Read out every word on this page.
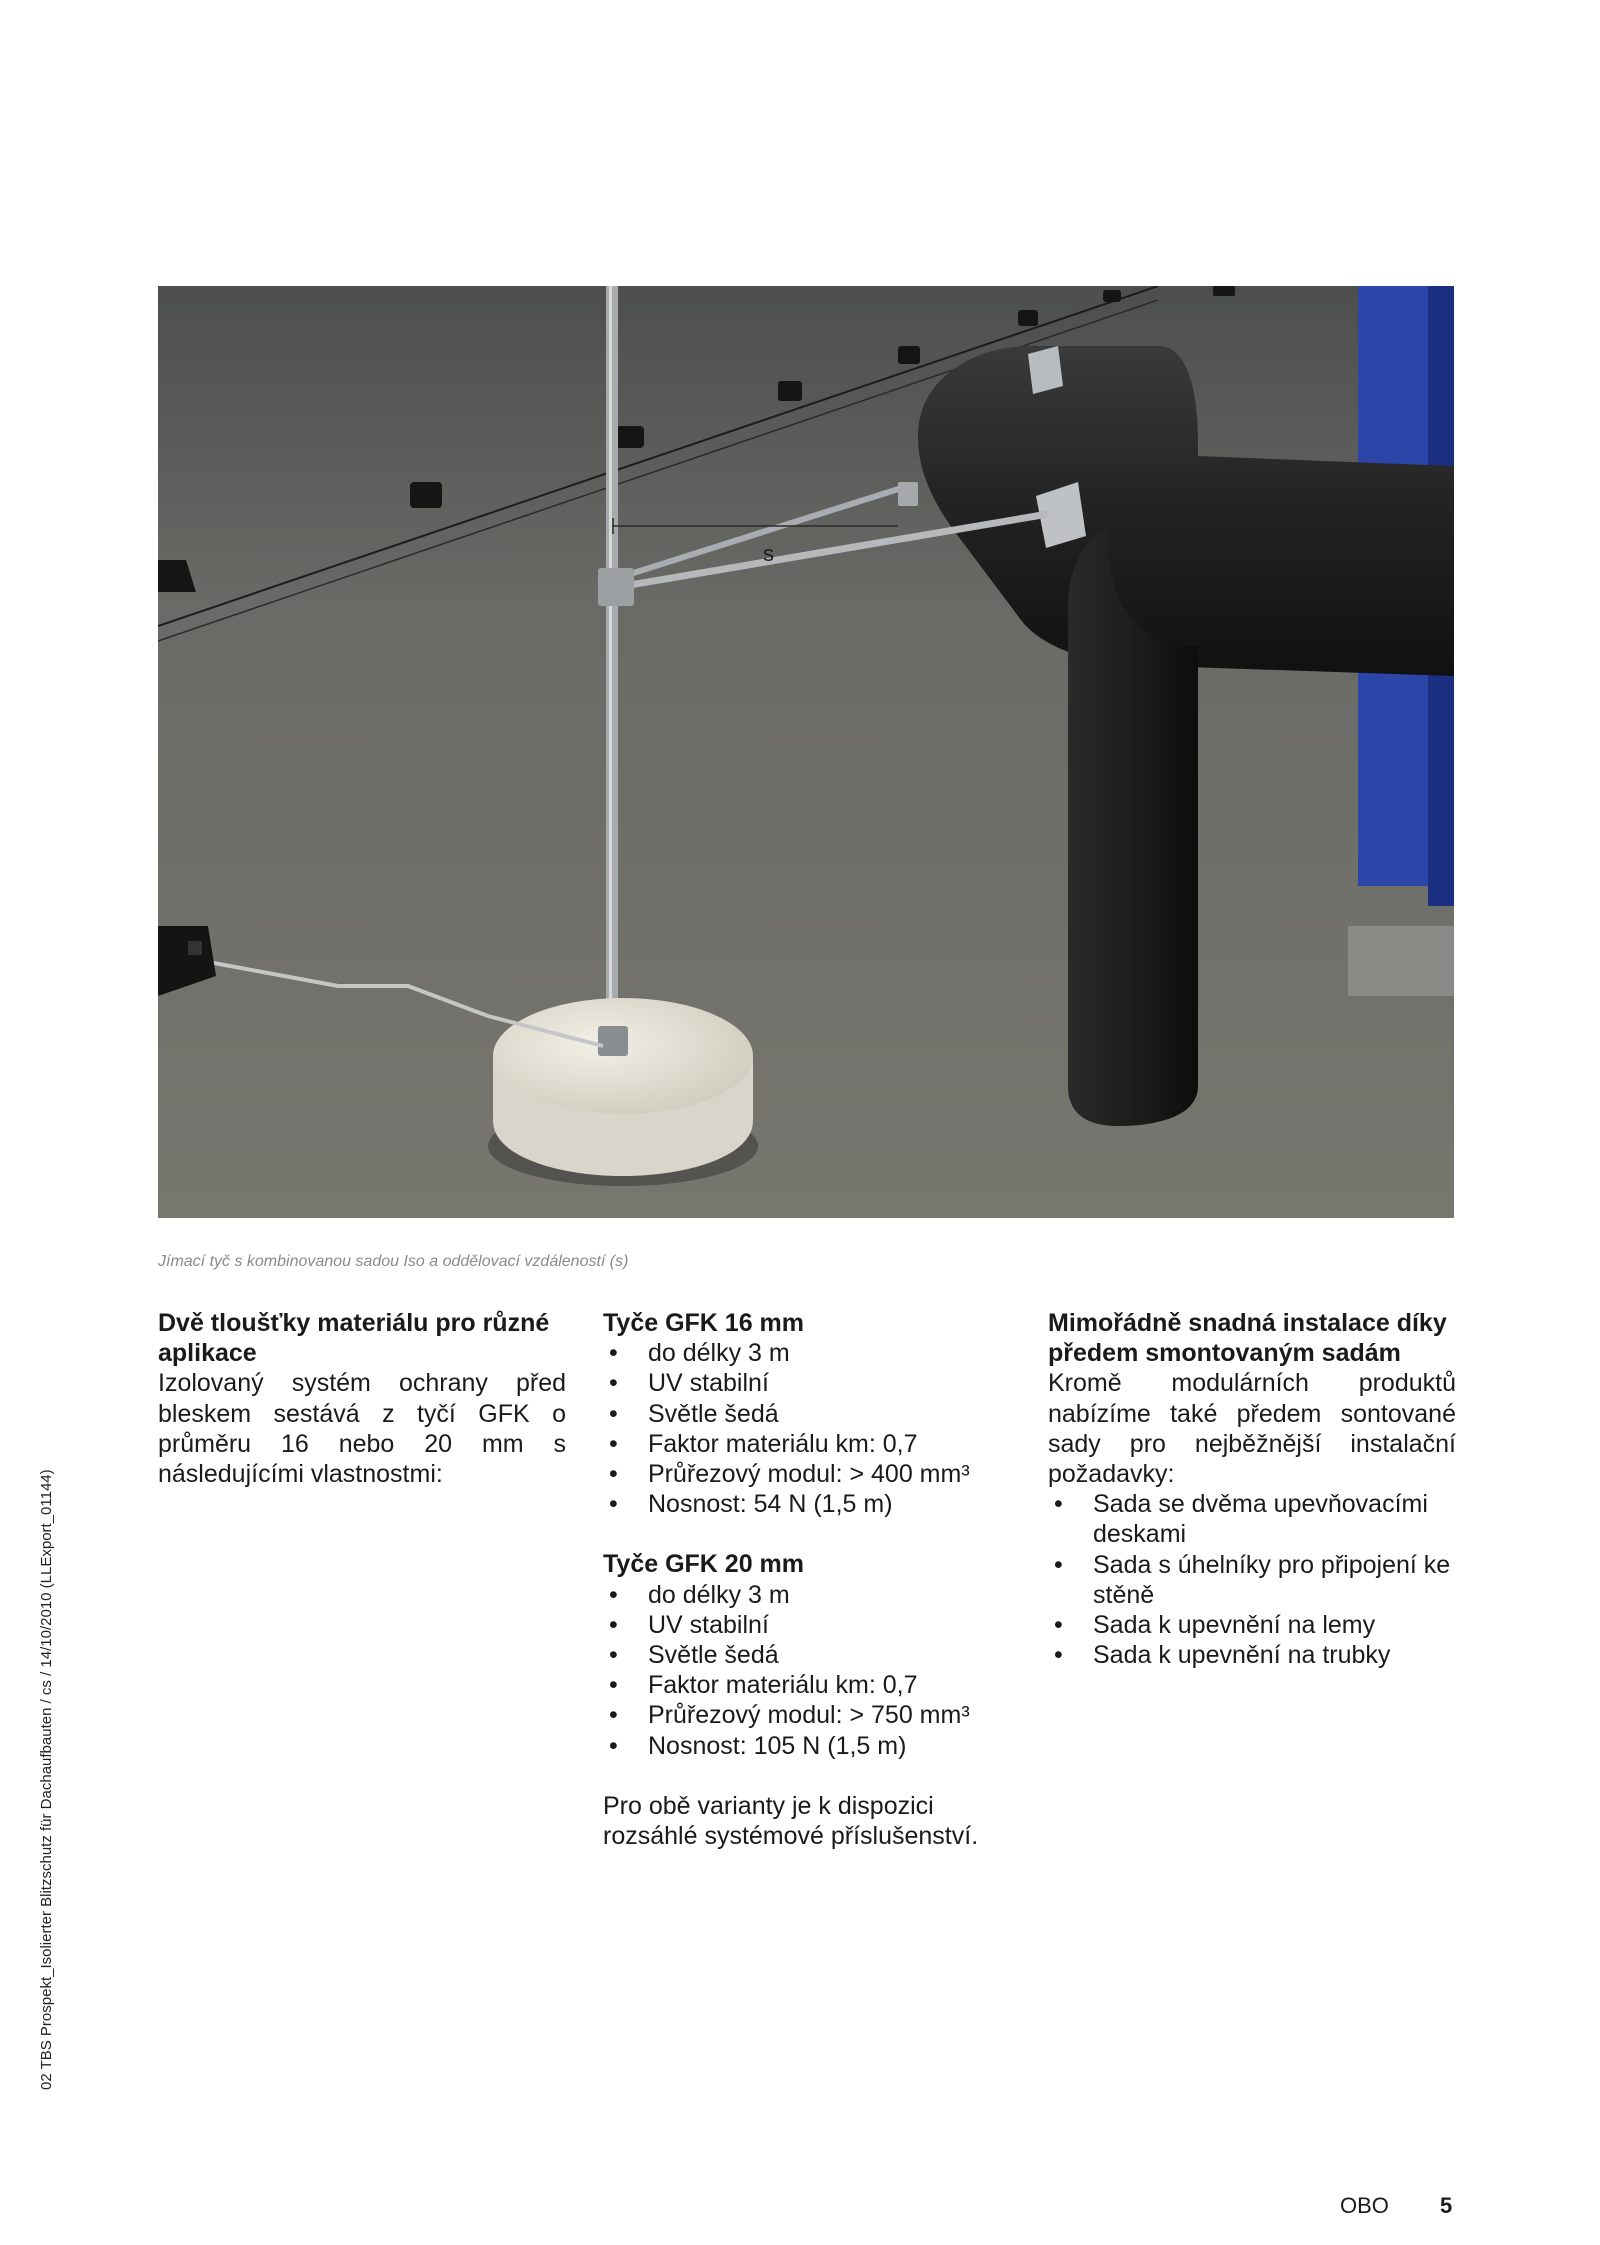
s
Jímací tyč s kombinovanou sadou Iso a oddělovací vzdáleností (s)
Dvě tloušťky materiálu pro různé aplikace

Izolovaný systém ochrany před bleskem sestává z tyčí GFK o průměru 16 nebo 20 mm s následujícími vlastnostmi:

Tyče GFK 16 mm
• do délky 3 m
• UV stabilní
• Světle šedá
• Faktor materiálu km: 0,7
• Průřezový modul: > 400 mm³
• Nosnost: 54 N (1,5 m)
Tyče GFK 20 mm
• do délky 3 m
• UV stabilní
• Světle šedá
• Faktor materiálu km: 0,7
• Průřezový modul: > 750 mm³
• Nosnost: 105 N (1,5 m)

Pro obě varianty je k dispozici rozsáhlé systémové příslušenství.

Mimořádně snadná instalace díky předem smontovaným sadám

Kromě modulárních produktů nabízíme také předem sontované sady pro nejběžnější instalační požadavky:

• Sada se dvěma upevňovacími deskami
• Sada s úhelníky pro připojení ke stěně
• Sada k upevnění na lemy
• Sada k upevnění na trubky
02 TBS Prospekt_Isolierter Blitzschutz für Dachaufbauten / cs / 14/10/2010 (LLExport_01144)
OBO 5
